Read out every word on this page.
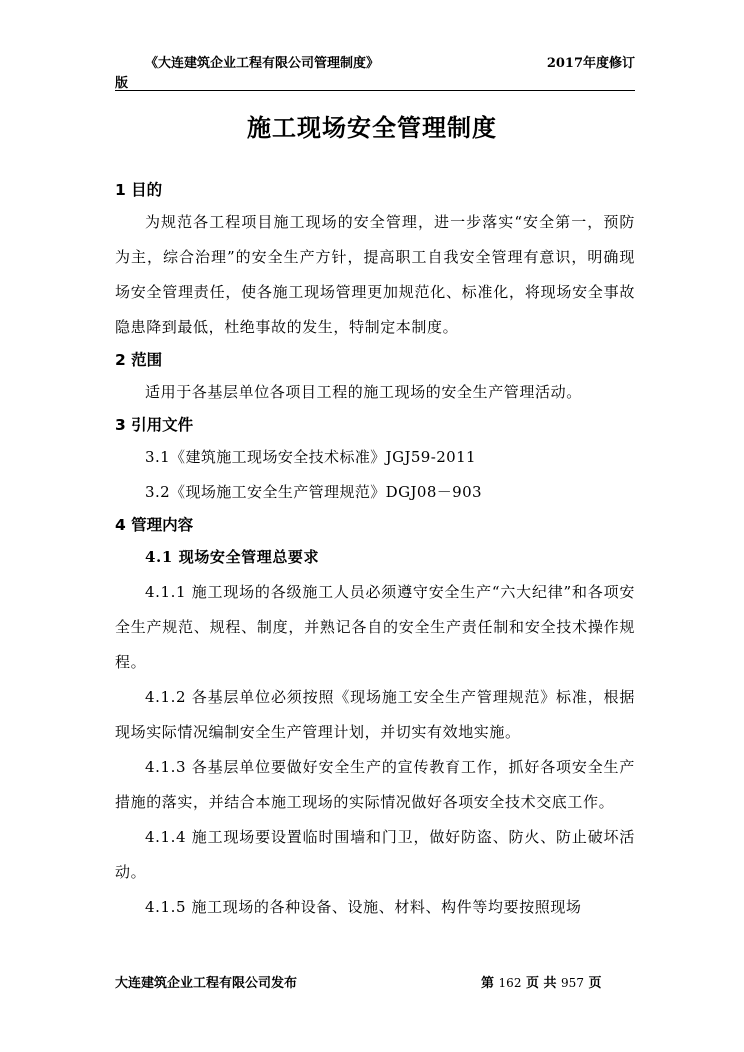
《大连建筑企业工程有限公司管理制度》	2017年度修订
版
施工现场安全管理制度
1 目的
为规范各工程项目施工现场的安全管理，进一步落实“安全第一，预防为主，综合治理”的安全生产方针，提高职工自我安全管理有意识，明确现场安全管理责任，使各施工现场管理更加规范化、标准化，将现场安全事故隐患降到最低，杜绝事故的发生，特制定本制度。
2 范围
适用于各基层单位各项目工程的施工现场的安全生产管理活动。
3 引用文件
3.1《建筑施工现场安全技术标准》JGJ59-2011
3.2《现场施工安全生产管理规范》DGJ08－903
4 管理内容
4.1 现场安全管理总要求
4.1.1 施工现场的各级施工人员必须遵守安全生产“六大纪律”和各项安全生产规范、规程、制度，并熟记各自的安全生产责任制和安全技术操作规程。
4.1.2 各基层单位必须按照《现场施工安全生产管理规范》标准，根据现场实际情况编制安全生产管理计划，并切实有效地实施。
4.1.3 各基层单位要做好安全生产的宣传教育工作，抓好各项安全生产措施的落实，并结合本施工现场的实际情况做好各项安全技术交底工作。
4.1.4 施工现场要设置临时围墙和门卫，做好防盗、防火、防止破坏活动。
4.1.5 施工现场的各种设备、设施、材料、构件等均要按照现场
大连建筑企业工程有限公司发布	第 162 页 共 957 页
